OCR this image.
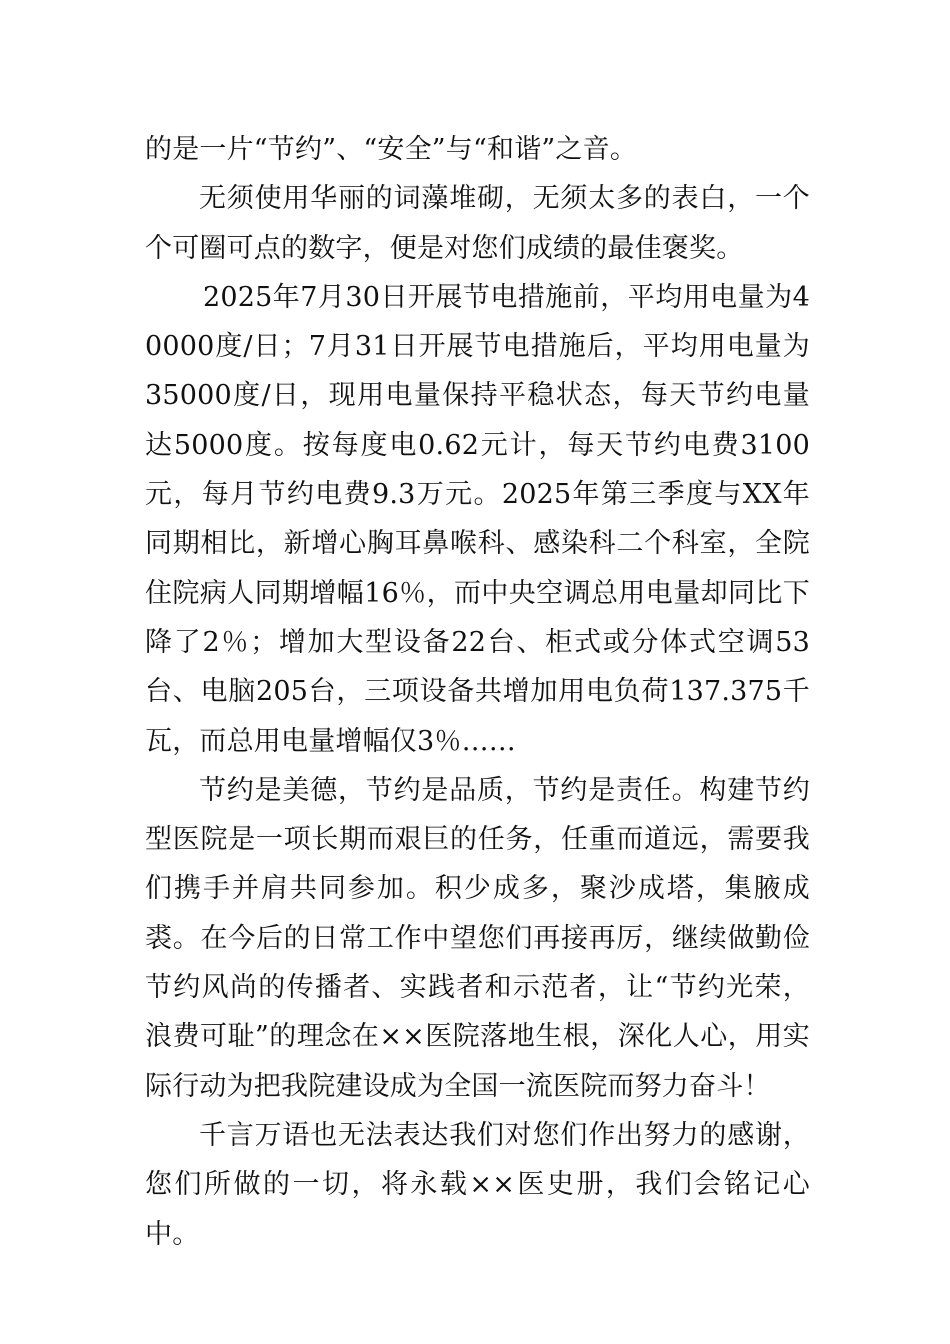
的是一片“节约”、“安全”与“和谐”之音。

无须使用华丽的词藻堆砌，无须太多的表白，一个个可圈可点的数字，便是对您们成绩的最佳褒奖。

2025年7月30日开展节电措施前，平均用电量为40000度/日；7月31日开展节电措施后，平均用电量为35000度/日，现用电量保持平稳状态，每天节约电量达5000度。按每度电0.62元计，每天节约电费3100元，每月节约电费9.3万元。2025年第三季度与XX年同期相比，新增心胸耳鼻喉科、感染科二个科室，全院住院病人同期增幅16％，而中央空调总用电量却同比下降了2％；增加大型设备22台、柜式或分体式空调53台、电脑205台，三项设备共增加用电负荷137.375千瓦，而总用电量增幅仅3％……

节约是美德，节约是品质，节约是责任。构建节约型医院是一项长期而艰巨的任务，任重而道远，需要我们携手并肩共同参加。积少成多，聚沙成塔，集腋成裘。在今后的日常工作中望您们再接再厉，继续做勤俭节约风尚的传播者、实践者和示范者，让“节约光荣，浪费可耻”的理念在××医院落地生根，深化人心，用实际行动为把我院建设成为全国一流医院而努力奋斗！

千言万语也无法表达我们对您们作出努力的感谢，您们所做的一切，将永载××医史册，我们会铭记心中。
